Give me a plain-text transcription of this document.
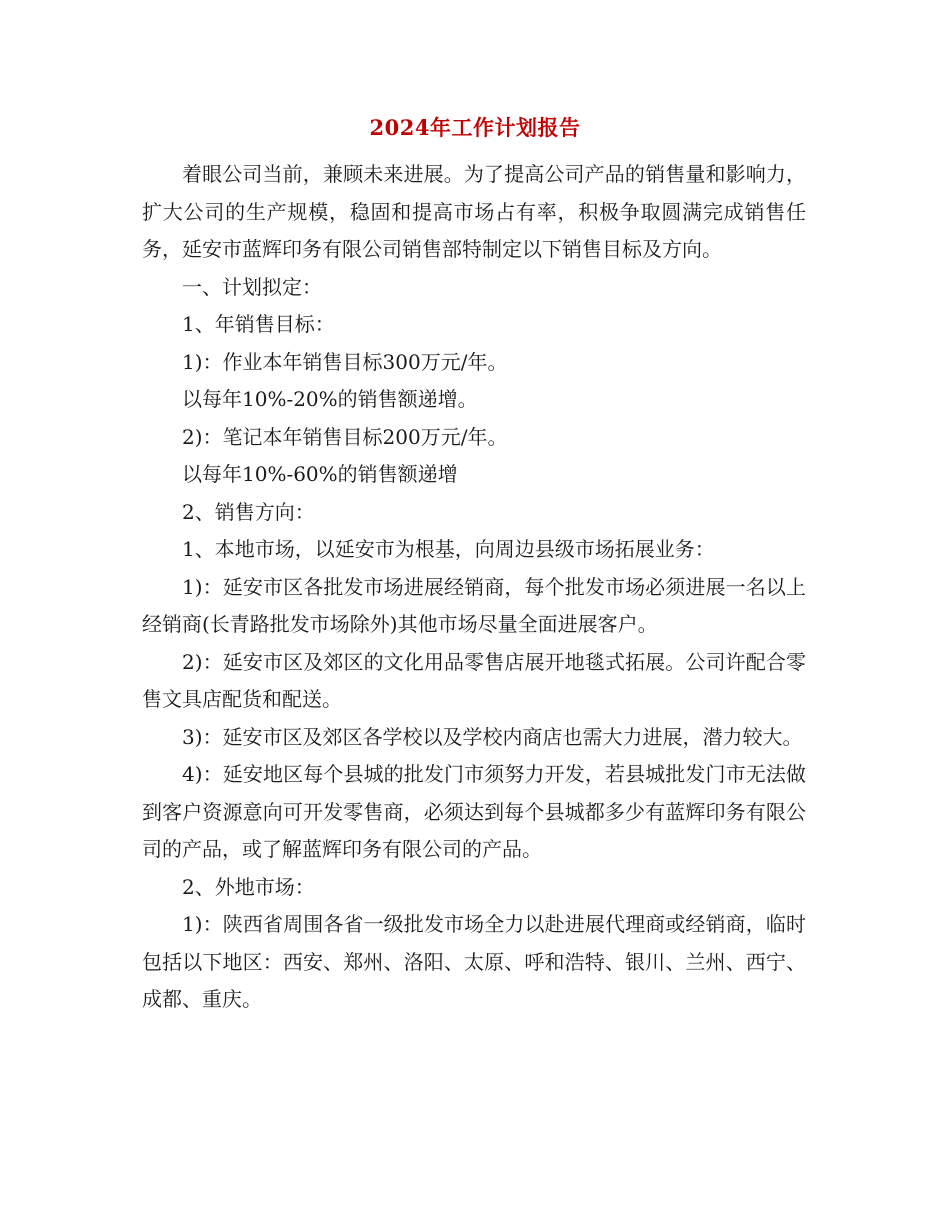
2024年工作计划报告

着眼公司当前，兼顾未来进展。为了提高公司产品的销售量和影响力，扩大公司的生产规模，稳固和提高市场占有率，积极争取圆满完成销售任务，延安市蓝辉印务有限公司销售部特制定以下销售目标及方向。

一、计划拟定：

1、年销售目标：

1)：作业本年销售目标300万元/年。

以每年10%-20%的销售额递增。

2)：笔记本年销售目标200万元/年。

以每年10%-60%的销售额递增

2、销售方向：

1、本地市场，以延安市为根基，向周边县级市场拓展业务：

1)：延安市区各批发市场进展经销商，每个批发市场必须进展一名以上经销商(长青路批发市场除外)其他市场尽量全面进展客户。

2)：延安市区及郊区的文化用品零售店展开地毯式拓展。公司许配合零售文具店配货和配送。

3)：延安市区及郊区各学校以及学校内商店也需大力进展，潜力较大。

4)：延安地区每个县城的批发门市须努力开发，若县城批发门市无法做到客户资源意向可开发零售商，必须达到每个县城都多少有蓝辉印务有限公司的产品，或了解蓝辉印务有限公司的产品。

2、外地市场：

1)：陕西省周围各省一级批发市场全力以赴进展代理商或经销商，临时包括以下地区：西安、郑州、洛阳、太原、呼和浩特、银川、兰州、西宁、成都、重庆。
